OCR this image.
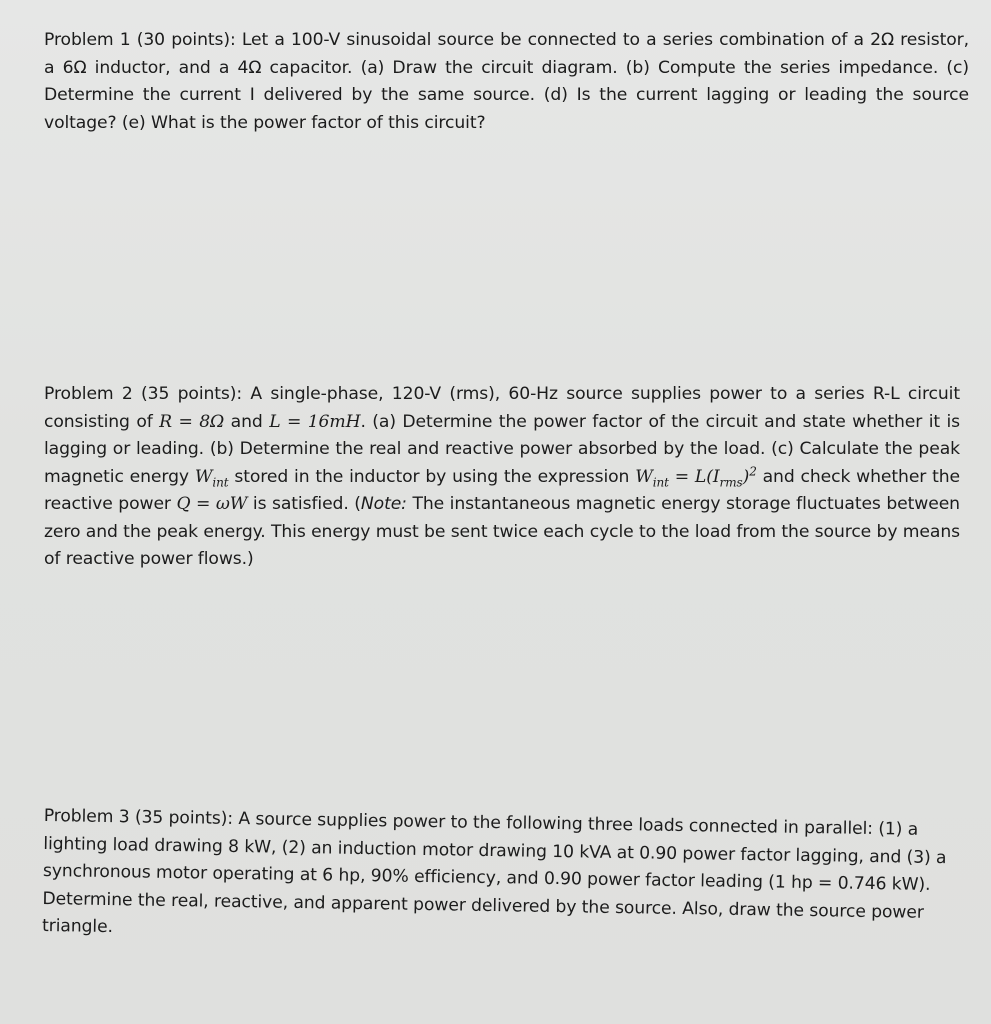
Problem 1 (30 points): Let a 100-V sinusoidal source be connected to a series combination of a 2Ω resistor, a 6Ω inductor, and a 4Ω capacitor. (a) Draw the circuit diagram. (b) Compute the series impedance. (c) Determine the current I delivered by the same source. (d) Is the current lagging or leading the source voltage? (e) What is the power factor of this circuit?
Problem 2 (35 points): A single-phase, 120-V (rms), 60-Hz source supplies power to a series R-L circuit consisting of R = 8Ω and L = 16mH. (a) Determine the power factor of the circuit and state whether it is lagging or leading. (b) Determine the real and reactive power absorbed by the load. (c) Calculate the peak magnetic energy $W_{int}$ stored in the inductor by using the expression $W_{int} = L(I_{rms})^2$ and check whether the reactive power Q = ωW is satisfied. (Note: The instantaneous magnetic energy storage fluctuates between zero and the peak energy. This energy must be sent twice each cycle to the load from the source by means of reactive power flows.)
Problem 3 (35 points): A source supplies power to the following three loads connected in parallel: (1) a lighting load drawing 8 kW, (2) an induction motor drawing 10 kVA at 0.90 power factor lagging, and (3) a synchronous motor operating at 6 hp, 90% efficiency, and 0.90 power factor leading (1 hp = 0.746 kW). Determine the real, reactive, and apparent power delivered by the source. Also, draw the source power triangle.
